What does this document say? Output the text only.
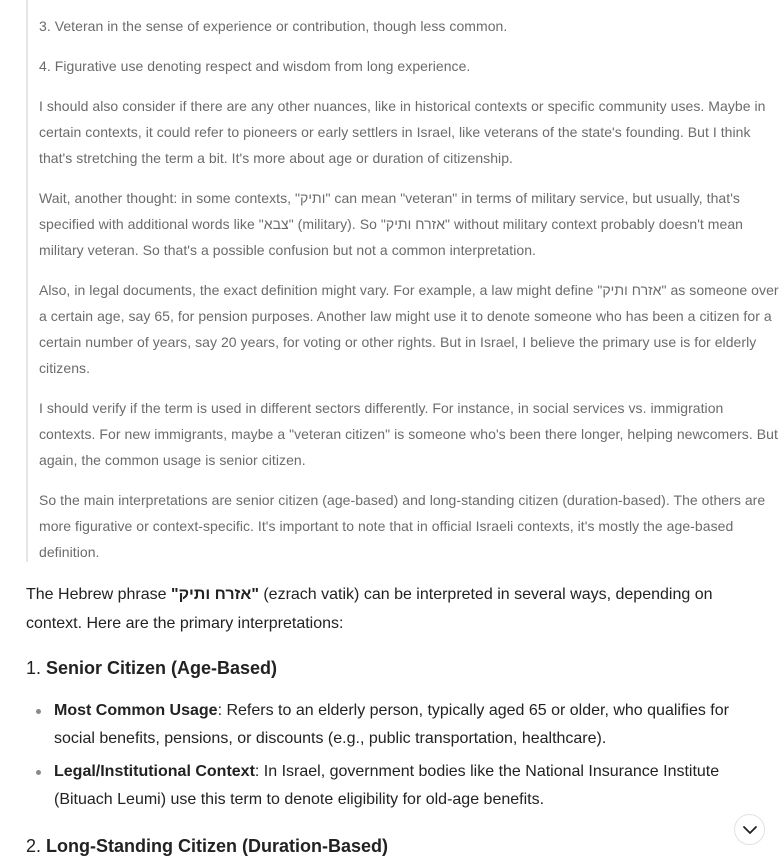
3. Veteran in the sense of experience or contribution, though less common.

4. Figurative use denoting respect and wisdom from long experience.

I should also consider if there are any other nuances, like in historical contexts or specific community uses. Maybe in certain contexts, it could refer to pioneers or early settlers in Israel, like veterans of the state's founding. But I think that's stretching the term a bit. It's more about age or duration of citizenship.

Wait, another thought: in some contexts, "ותיק" can mean "veteran" in terms of military service, but usually, that's specified with additional words like "צבא" (military). So "אזרח ותיק" without military context probably doesn't mean military veteran. So that's a possible confusion but not a common interpretation.

Also, in legal documents, the exact definition might vary. For example, a law might define "אזרח ותיק" as someone over a certain age, say 65, for pension purposes. Another law might use it to denote someone who has been a citizen for a certain number of years, say 20 years, for voting or other rights. But in Israel, I believe the primary use is for elderly citizens.

I should verify if the term is used in different sectors differently. For instance, in social services vs. immigration contexts. For new immigrants, maybe a "veteran citizen" is someone who's been there longer, helping newcomers. But again, the common usage is senior citizen.

So the main interpretations are senior citizen (age-based) and long-standing citizen (duration-based). The others are more figurative or context-specific. It's important to note that in official Israeli contexts, it's mostly the age-based definition.

The Hebrew phrase "אזרח ותיק" (ezrach vatik) can be interpreted in several ways, depending on context. Here are the primary interpretations:

1. Senior Citizen (Age-Based)
Most Common Usage: Refers to an elderly person, typically aged 65 or older, who qualifies for social benefits, pensions, or discounts (e.g., public transportation, healthcare).
Legal/Institutional Context: In Israel, government bodies like the National Insurance Institute (Bituach Leumi) use this term to denote eligibility for old-age benefits.
2. Long-Standing Citizen (Duration-Based)
